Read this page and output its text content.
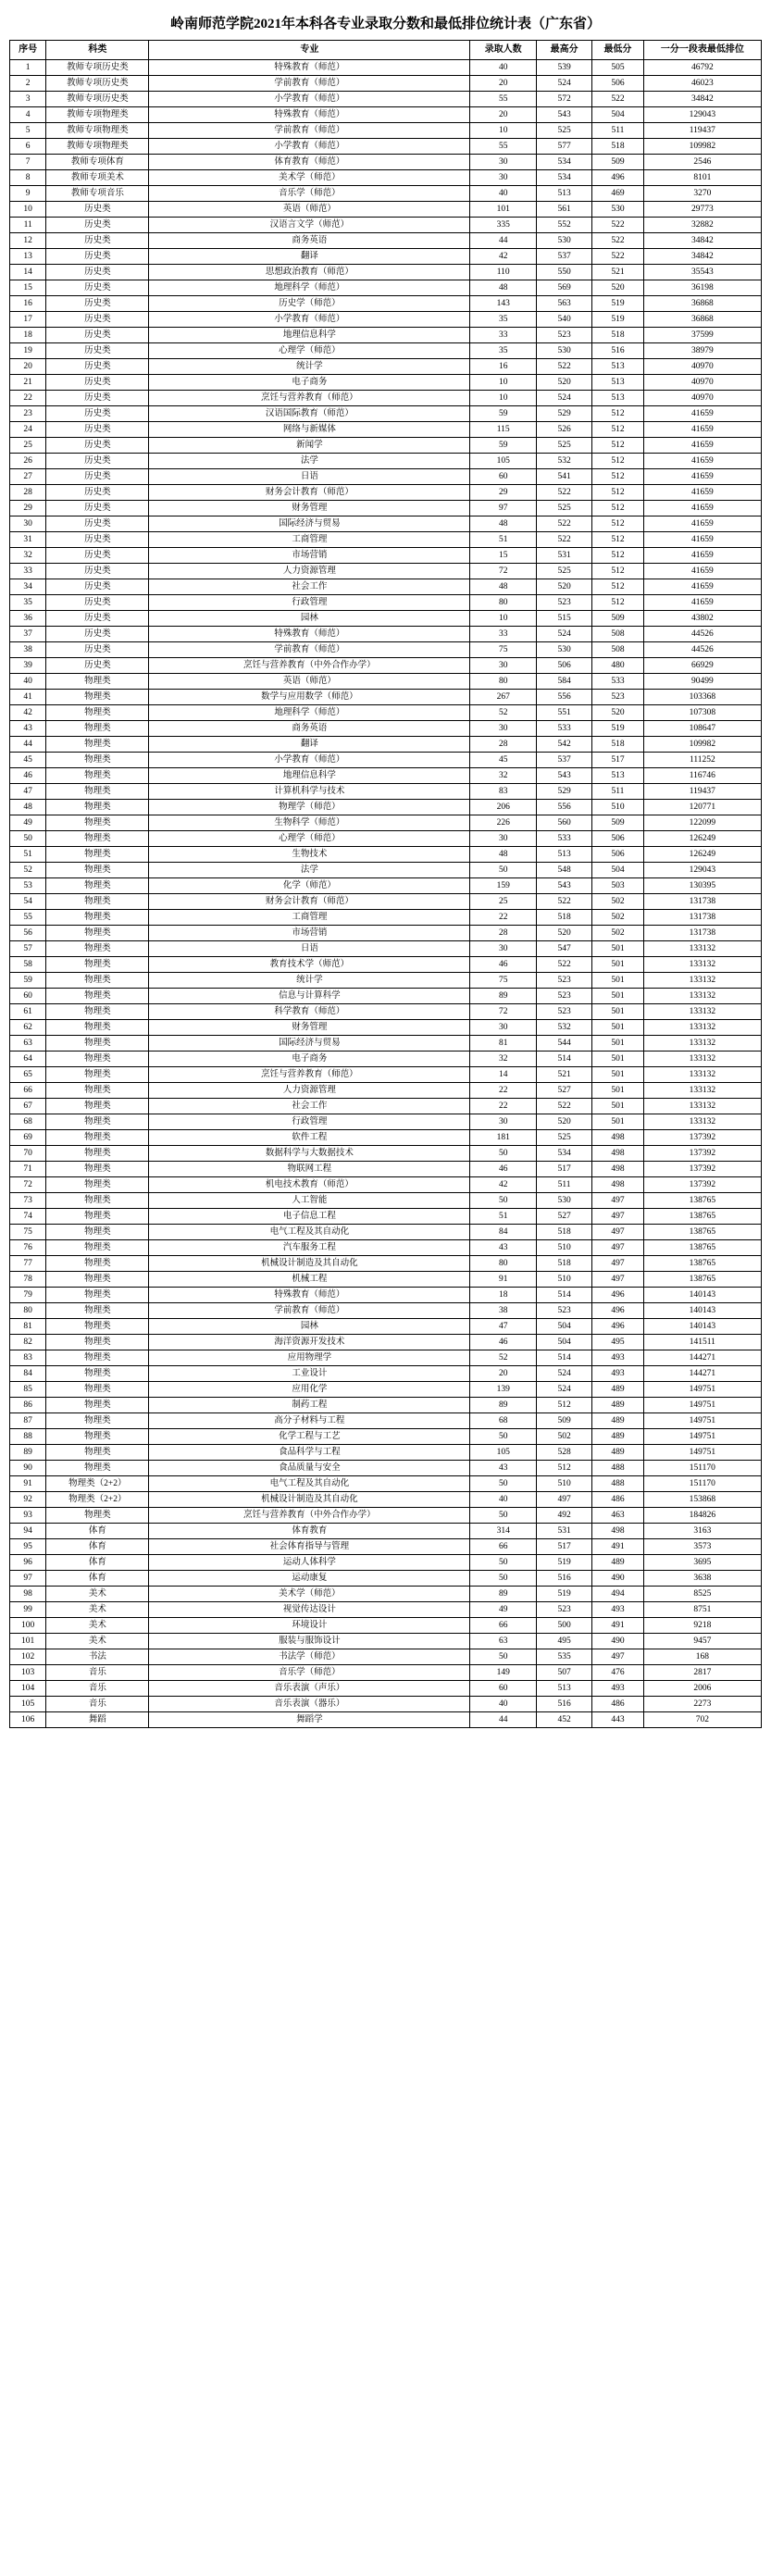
岭南师范学院2021年本科各专业录取分数和最低排位统计表（广东省）
序号	科类	专业	录取人数	最高分	最低分	一分一段表最低排位
1	教师专项历史类	特殊教育（师范）	40	539	505	46792
2	教师专项历史类	学前教育（师范）	20	524	506	46023
3	教师专项历史类	小学教育（师范）	55	572	522	34842
4	教师专项物理类	特殊教育（师范）	20	543	504	129043
5	教师专项物理类	学前教育（师范）	10	525	511	119437
6	教师专项物理类	小学教育（师范）	55	577	518	109982
7	教师专项体育	体育教育（师范）	30	534	509	2546
8	教师专项美术	美术学（师范）	30	534	496	8101
9	教师专项音乐	音乐学（师范）	40	513	469	3270
10	历史类	英语（师范）	101	561	530	29773
11	历史类	汉语言文学（师范）	335	552	522	32882
12	历史类	商务英语	44	530	522	34842
13	历史类	翻译	42	537	522	34842
14	历史类	思想政治教育（师范）	110	550	521	35543
15	历史类	地理科学（师范）	48	569	520	36198
16	历史类	历史学（师范）	143	563	519	36868
17	历史类	小学教育（师范）	35	540	519	36868
18	历史类	地理信息科学	33	523	518	37599
19	历史类	心理学（师范）	35	530	516	38979
20	历史类	统计学	16	522	513	40970
21	历史类	电子商务	10	520	513	40970
22	历史类	烹饪与营养教育（师范）	10	524	513	40970
23	历史类	汉语国际教育（师范）	59	529	512	41659
24	历史类	网络与新媒体	115	526	512	41659
25	历史类	新闻学	59	525	512	41659
26	历史类	法学	105	532	512	41659
27	历史类	日语	60	541	512	41659
28	历史类	财务会计教育（师范）	29	522	512	41659
29	历史类	财务管理	97	525	512	41659
30	历史类	国际经济与贸易	48	522	512	41659
31	历史类	工商管理	51	522	512	41659
32	历史类	市场营销	15	531	512	41659
33	历史类	人力资源管理	72	525	512	41659
34	历史类	社会工作	48	520	512	41659
35	历史类	行政管理	80	523	512	41659
36	历史类	园林	10	515	509	43802
37	历史类	特殊教育（师范）	33	524	508	44526
38	历史类	学前教育（师范）	75	530	508	44526
39	历史类	烹饪与营养教育（中外合作办学）	30	506	480	66929
40	物理类	英语（师范）	80	584	533	90499
41	物理类	数学与应用数学（师范）	267	556	523	103368
42	物理类	地理科学（师范）	52	551	520	107308
43	物理类	商务英语	30	533	519	108647
44	物理类	翻译	28	542	518	109982
45	物理类	小学教育（师范）	45	537	517	111252
46	物理类	地理信息科学	32	543	513	116746
47	物理类	计算机科学与技术	83	529	511	119437
48	物理类	物理学（师范）	206	556	510	120771
49	物理类	生物科学（师范）	226	560	509	122099
50	物理类	心理学（师范）	30	533	506	126249
51	物理类	生物技术	48	513	506	126249
52	物理类	法学	50	548	504	129043
53	物理类	化学（师范）	159	543	503	130395
54	物理类	财务会计教育（师范）	25	522	502	131738
55	物理类	工商管理	22	518	502	131738
56	物理类	市场营销	28	520	502	131738
57	物理类	日语	30	547	501	133132
58	物理类	教育技术学（师范）	46	522	501	133132
59	物理类	统计学	75	523	501	133132
60	物理类	信息与计算科学	89	523	501	133132
61	物理类	科学教育（师范）	72	523	501	133132
62	物理类	财务管理	30	532	501	133132
63	物理类	国际经济与贸易	81	544	501	133132
64	物理类	电子商务	32	514	501	133132
65	物理类	烹饪与营养教育（师范）	14	521	501	133132
66	物理类	人力资源管理	22	527	501	133132
67	物理类	社会工作	22	522	501	133132
68	物理类	行政管理	30	520	501	133132
69	物理类	软件工程	181	525	498	137392
70	物理类	数据科学与大数据技术	50	534	498	137392
71	物理类	物联网工程	46	517	498	137392
72	物理类	机电技术教育（师范）	42	511	498	137392
73	物理类	人工智能	50	530	497	138765
74	物理类	电子信息工程	51	527	497	138765
75	物理类	电气工程及其自动化	84	518	497	138765
76	物理类	汽车服务工程	43	510	497	138765
77	物理类	机械设计制造及其自动化	80	518	497	138765
78	物理类	机械工程	91	510	497	138765
79	物理类	特殊教育（师范）	18	514	496	140143
80	物理类	学前教育（师范）	38	523	496	140143
81	物理类	园林	47	504	496	140143
82	物理类	海洋资源开发技术	46	504	495	141511
83	物理类	应用物理学	52	514	493	144271
84	物理类	工业设计	20	524	493	144271
85	物理类	应用化学	139	524	489	149751
86	物理类	制药工程	89	512	489	149751
87	物理类	高分子材料与工程	68	509	489	149751
88	物理类	化学工程与工艺	50	502	489	149751
89	物理类	食品科学与工程	105	528	489	149751
90	物理类	食品质量与安全	43	512	488	151170
91	物理类（2+2）	电气工程及其自动化	50	510	488	151170
92	物理类（2+2）	机械设计制造及其自动化	40	497	486	153868
93	物理类	烹饪与营养教育（中外合作办学）	50	492	463	184826
94	体育	体育教育	314	531	498	3163
95	体育	社会体育指导与管理	66	517	491	3573
96	体育	运动人体科学	50	519	489	3695
97	体育	运动康复	50	516	490	3638
98	美术	美术学（师范）	89	519	494	8525
99	美术	视觉传达设计	49	523	493	8751
100	美术	环境设计	66	500	491	9218
101	美术	服装与服饰设计	63	495	490	9457
102	书法	书法学（师范）	50	535	497	168
103	音乐	音乐学（师范）	149	507	476	2817
104	音乐	音乐表演（声乐）	60	513	493	2006
105	音乐	音乐表演（器乐）	40	516	486	2273
106	舞蹈	舞蹈学	44	452	443	702
